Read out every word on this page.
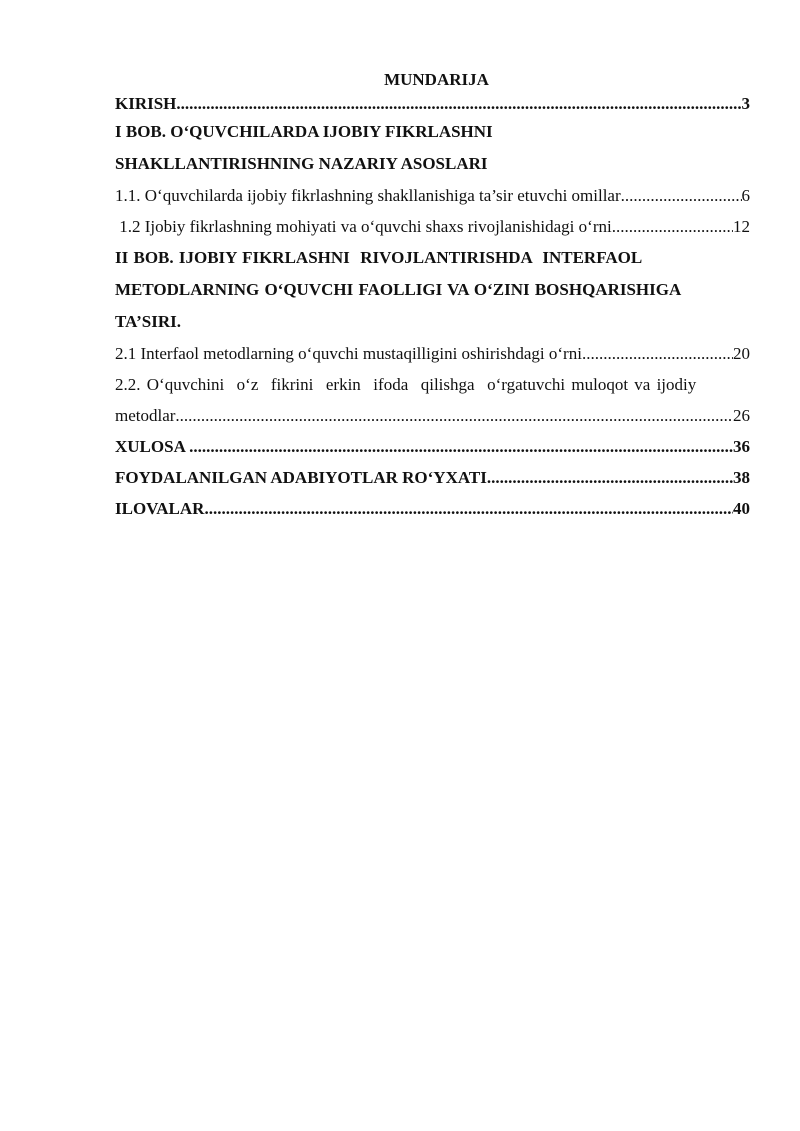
MUNDARIJA
KIRISH .....	3
I BOB. O‘QUVCHILARDA IJOBIY FIKRLASHNI
SHAKLLANTIRISHNING NAZARIY ASOSLARI
1.1. O‘quvchilarda ijobiy fikrlashning shakllanishiga ta’sir etuvchi omillar .....	6
1.2 Ijobiy fikrlashning mohiyati va o‘quvchi shaxs rivojlanishidagi o‘rni .....	12
II BOB. IJOBIY FIKRLASHNI  RIVOJLANTIRISHDA  INTERFAOL
METODLARNING O‘QUVCHI FAOLLIGI VA O‘ZINI BOSHQARISHIGA
TA’SIRI.
2.1 Interfaol metodlarning o‘quvchi mustaqilligini oshirishdagi o‘rni .....	20
2.2. O‘quvchini  o‘z  fikrini  erkin  ifoda  qilishga  o‘rgatuvchi muloqot va ijodiy
metodlar .....	26
XULOSA .....	36
FOYDALANILGAN ADABIYOTLAR RO‘YXATI .....	38
ILOVALAR .....	40
